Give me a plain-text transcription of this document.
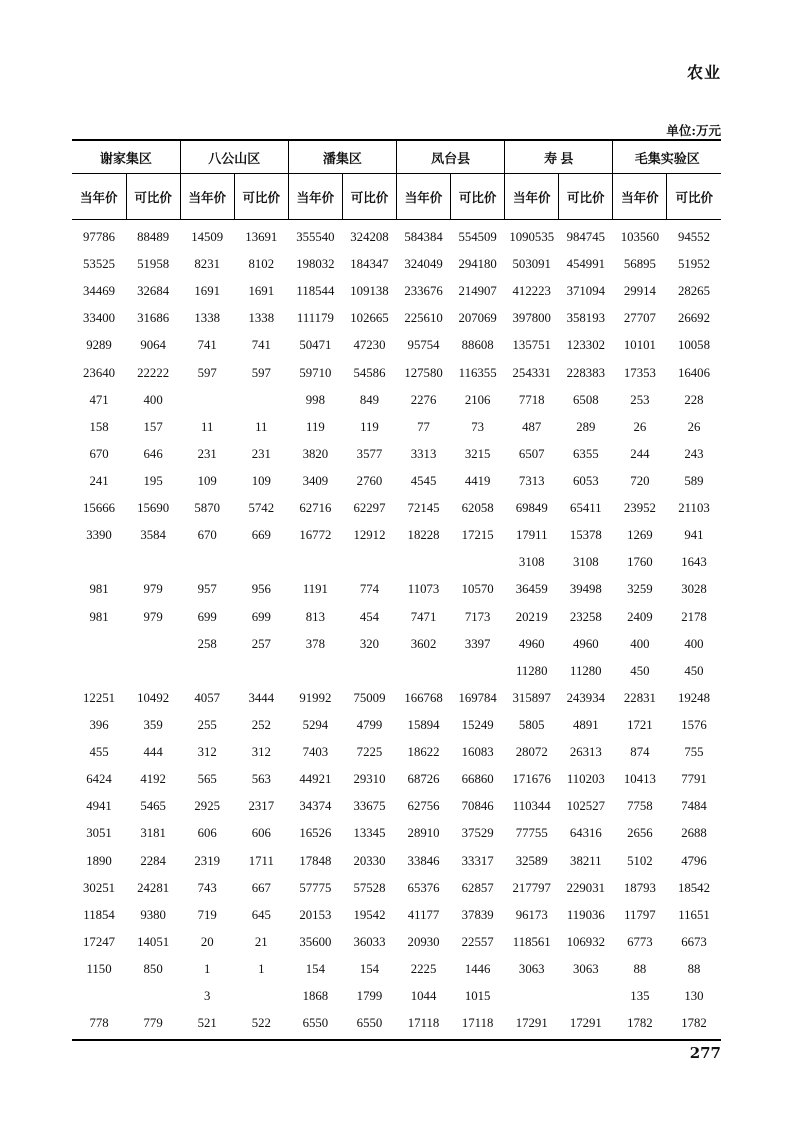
农业
单位:万元
谢家集区		八公山区		潘集区		凤台县		寿 县		毛集实验区	
当年价	可比价	当年价	可比价	当年价	可比价	当年价	可比价	当年价	可比价	当年价	可比价
97786	88489	14509	13691	355540	324208	584384	554509	1090535	984745	103560	94552
53525	51958	8231	8102	198032	184347	324049	294180	503091	454991	56895	51952
34469	32684	1691	1691	118544	109138	233676	214907	412223	371094	29914	28265
33400	31686	1338	1338	111179	102665	225610	207069	397800	358193	27707	26692
9289	9064	741	741	50471	47230	95754	88608	135751	123302	10101	10058
23640	22222	597	597	59710	54586	127580	116355	254331	228383	17353	16406
471	400			998	849	2276	2106	7718	6508	253	228
158	157	11	11	119	119	77	73	487	289	26	26
670	646	231	231	3820	3577	3313	3215	6507	6355	244	243
241	195	109	109	3409	2760	4545	4419	7313	6053	720	589
15666	15690	5870	5742	62716	62297	72145	62058	69849	65411	23952	21103
3390	3584	670	669	16772	12912	18228	17215	17911	15378	1269	941
								3108	3108	1760	1643
981	979	957	956	1191	774	11073	10570	36459	39498	3259	3028
981	979	699	699	813	454	7471	7173	20219	23258	2409	2178
		258	257	378	320	3602	3397	4960	4960	400	400
								11280	11280	450	450
12251	10492	4057	3444	91992	75009	166768	169784	315897	243934	22831	19248
396	359	255	252	5294	4799	15894	15249	5805	4891	1721	1576
455	444	312	312	7403	7225	18622	16083	28072	26313	874	755
6424	4192	565	563	44921	29310	68726	66860	171676	110203	10413	7791
4941	5465	2925	2317	34374	33675	62756	70846	110344	102527	7758	7484
3051	3181	606	606	16526	13345	28910	37529	77755	64316	2656	2688
1890	2284	2319	1711	17848	20330	33846	33317	32589	38211	5102	4796
30251	24281	743	667	57775	57528	65376	62857	217797	229031	18793	18542
11854	9380	719	645	20153	19542	41177	37839	96173	119036	11797	11651
17247	14051	20	21	35600	36033	20930	22557	118561	106932	6773	6673
1150	850	1	1	154	154	2225	1446	3063	3063	88	88
		3		1868	1799	1044	1015			135	130
778	779	521	522	6550	6550	17118	17118	17291	17291	1782	1782
277
